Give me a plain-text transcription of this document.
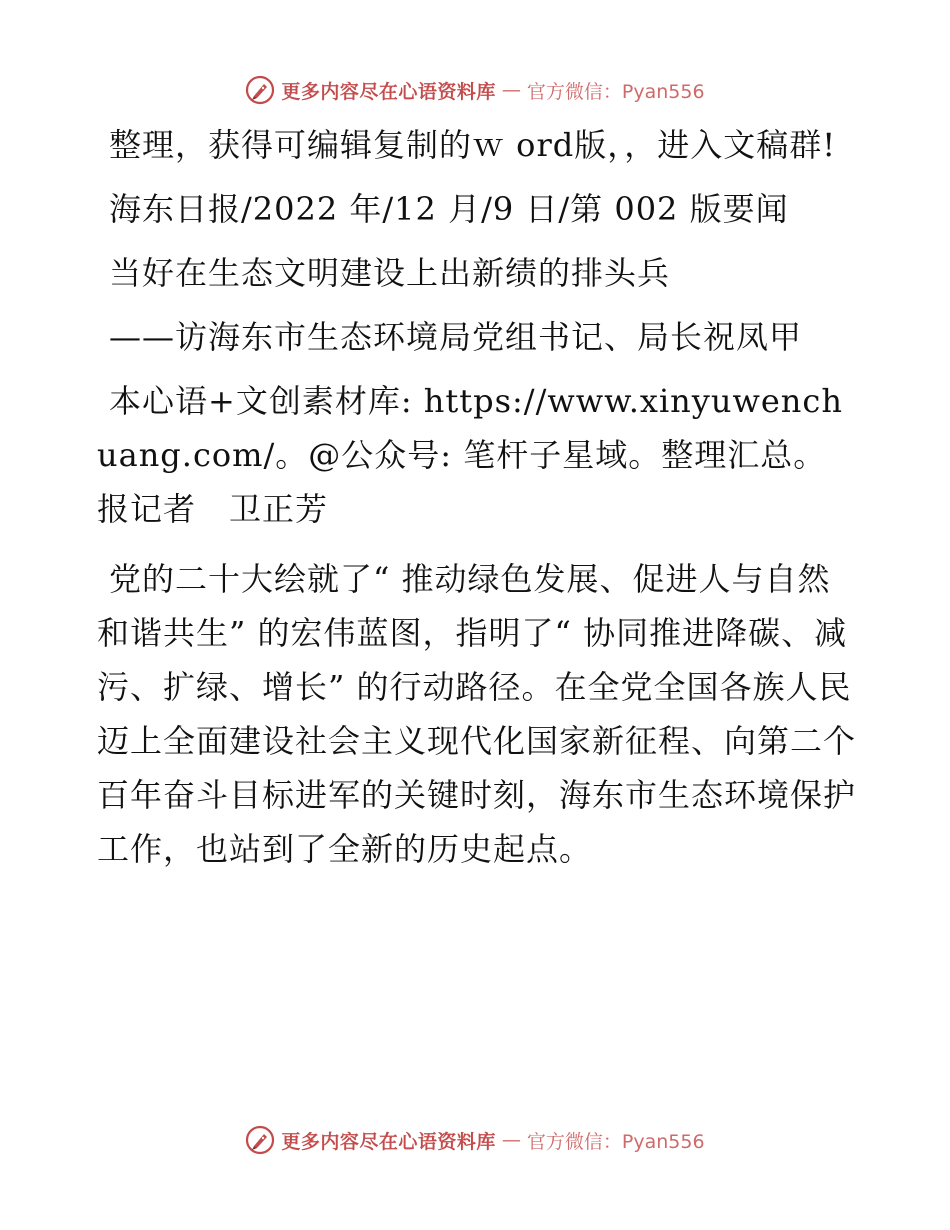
更多内容尽在心语资料库 — 官方微信：Pyan556

整理，获得可编辑复制的ｗ ord版，，进入文稿群!

海东日报/2022 年/12 月/9 日/第 002 版要闻

当好在生态文明建设上出新绩的排头兵

——访海东市生态环境局党组书记、局长祝凤甲

本心语+文创素材库: https://www.xinyuwenchuang.com/。@公众号: 笔杆子星域。整理汇总。报记者　卫正芳

党的二十大绘就了“ 推动绿色发展、促进人与自然和谐共生” 的宏伟蓝图，指明了“ 协同推进降碳、减污、扩绿、增长” 的行动路径。在全党全国各族人民迈上全面建设社会主义现代化国家新征程、向第二个百年奋斗目标进军的关键时刻，海东市生态环境保护工作，也站到了全新的历史起点。

更多内容尽在心语资料库 — 官方微信：Pyan556
